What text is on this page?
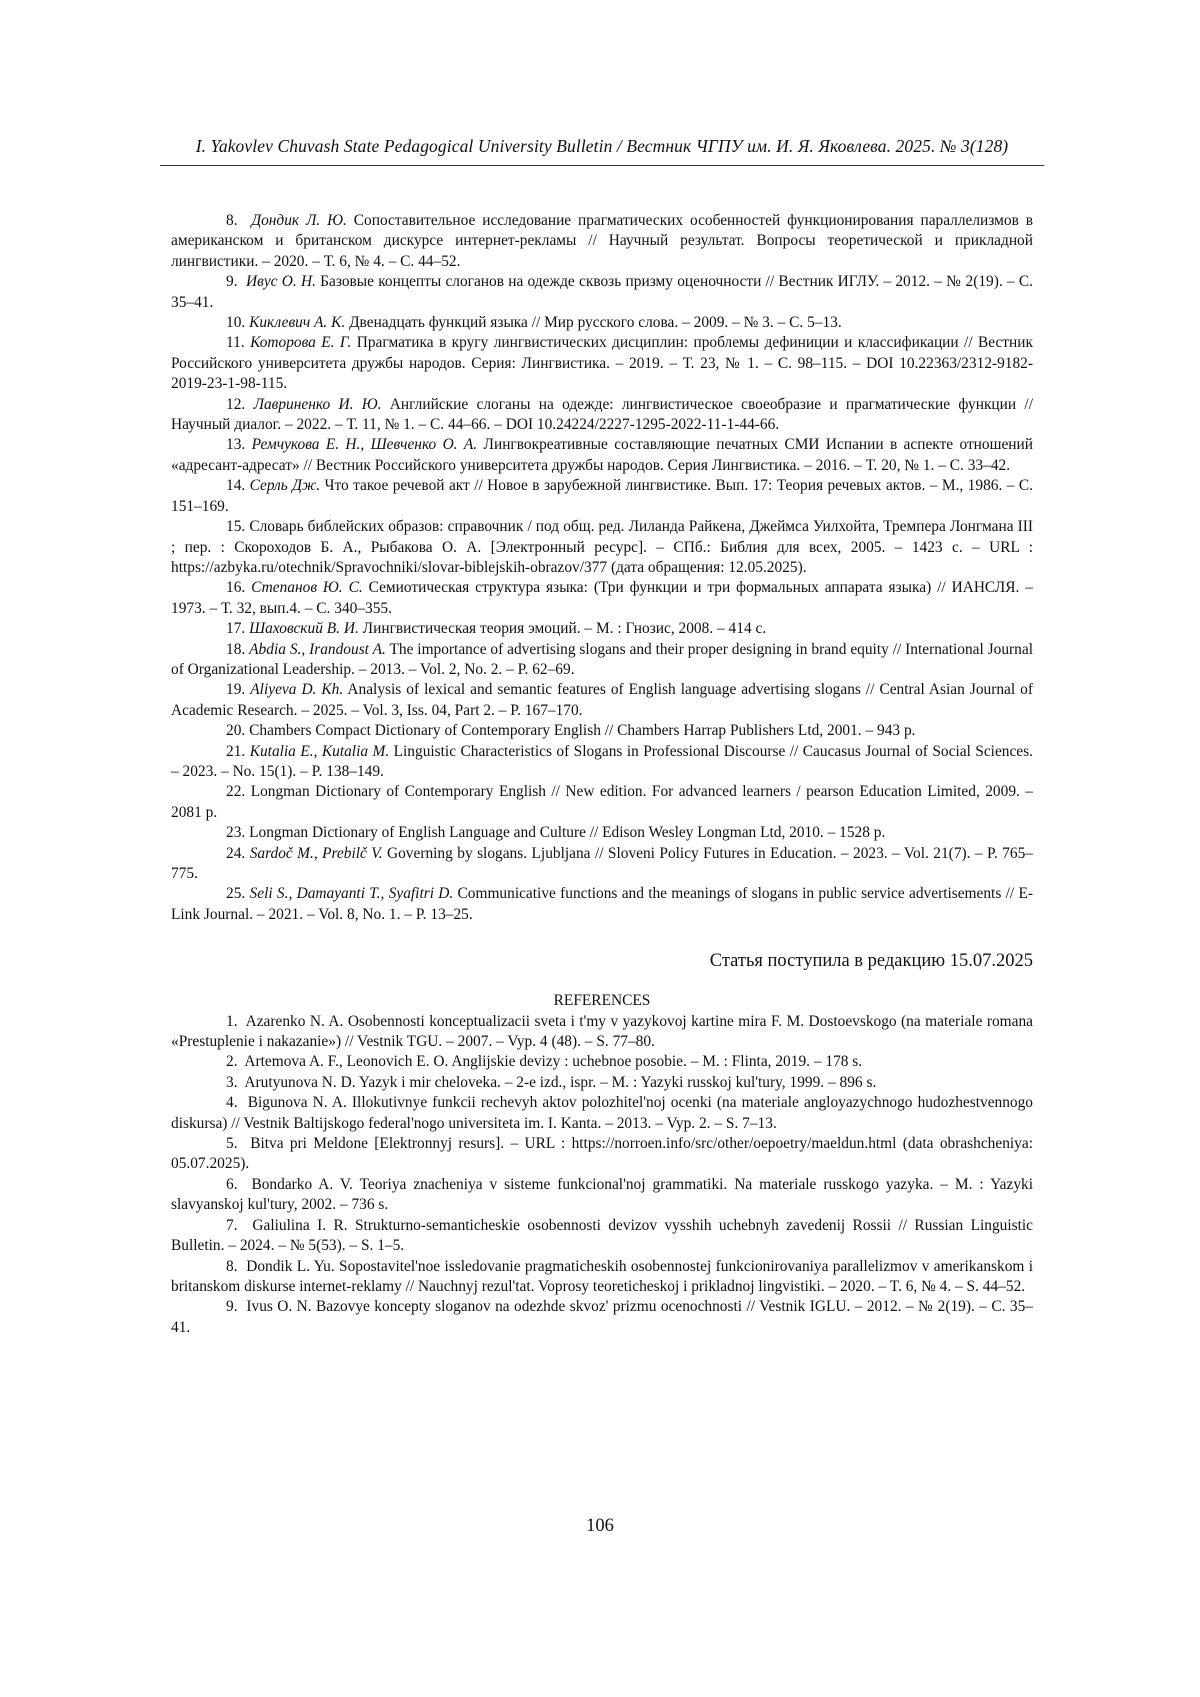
I. Yakovlev Chuvash State Pedagogical University Bulletin / Вестник ЧГПУ им. И. Я. Яковлева. 2025. № 3(128)

8. Дондик Л. Ю. Сопоставительное исследование прагматических особенностей функционирования параллелизмов в американском и британском дискурсе интернет-рекламы // Научный результат. Вопросы теоретической и прикладной лингвистики. – 2020. – Т. 6, № 4. – С. 44–52.

9. Ивус О. Н. Базовые концепты слоганов на одежде сквозь призму оценочности // Вестник ИГЛУ. – 2012. – № 2(19). – С. 35–41.

10. Киклевич А. К. Двенадцать функций языка // Мир русского слова. – 2009. – № 3. – С. 5–13.

11. Которова Е. Г. Прагматика в кругу лингвистических дисциплин: проблемы дефиниции и классификации // Вестник Российского университета дружбы народов. Серия: Лингвистика. – 2019. – Т. 23, № 1. – С. 98–115. – DOI 10.22363/2312-9182-2019-23-1-98-115.

12. Лавриненко И. Ю. Английские слоганы на одежде: лингвистическое своеобразие и прагматические функции // Научный диалог. – 2022. – Т. 11, № 1. – С. 44–66. – DOI 10.24224/2227-1295-2022-11-1-44-66.

13. Ремчукова Е. Н., Шевченко О. А. Лингвокреативные составляющие печатных СМИ Испании в аспекте отношений «адресант-адресат» // Вестник Российского университета дружбы народов. Серия Лингвистика. – 2016. – Т. 20, № 1. – С. 33–42.

14. Серль Дж. Что такое речевой акт // Новое в зарубежной лингвистике. Вып. 17: Теория речевых актов. – М., 1986. – С. 151–169.

15. Словарь библейских образов: справочник / под общ. ред. Лиланда Райкена, Джеймса Уилхойта, Тремпера Лонгмана III ; пер. : Скороходов Б. А., Рыбакова О. А. [Электронный ресурс]. – СПб.: Библия для всех, 2005. – 1423 с. – URL : https://azbyka.ru/otechnik/Spravochniki/slovar-biblejskih-obrazov/377 (дата обращения: 12.05.2025).

16. Степанов Ю. С. Семиотическая структура языка: (Три функции и три формальных аппарата языка) // ИАНСЛЯ. – 1973. – Т. 32, вып.4. – С. 340–355.

17. Шаховский В. И. Лингвистическая теория эмоций. – М. : Гнозис, 2008. – 414 с.

18. Abdia S., Irandoust A. The importance of advertising slogans and their proper designing in brand equity // International Journal of Organizational Leadership. – 2013. – Vol. 2, No. 2. – P. 62–69.

19. Aliyeva D. Kh. Analysis of lexical and semantic features of English language advertising slogans // Central Asian Journal of Academic Research. – 2025. – Vol. 3, Iss. 04, Part 2. – P. 167–170.

20. Chambers Compact Dictionary of Contemporary English // Chambers Harrap Publishers Ltd, 2001. – 943 p.

21. Kutalia E., Kutalia M. Linguistic Characteristics of Slogans in Professional Discourse // Caucasus Journal of Social Sciences. – 2023. – No. 15(1). – P. 138–149.

22. Longman Dictionary of Contemporary English // New edition. For advanced learners / pearson Education Limited, 2009. – 2081 p.

23. Longman Dictionary of English Language and Culture // Edison Wesley Longman Ltd, 2010. – 1528 p.

24. Sardoč M., Prebilč V. Governing by slogans. Ljubljana // Sloveni Policy Futures in Education. – 2023. – Vol. 21(7). – P. 765–775.

25. Seli S., Damayanti T., Syafitri D. Communicative functions and the meanings of slogans in public service advertisements // E-Link Journal. – 2021. – Vol. 8, No. 1. – P. 13–25.

Статья поступила в редакцию 15.07.2025

REFERENCES

1. Azarenko N. A. Osobennosti konceptualizacii sveta i t'my v yazykovoj kartine mira F. M. Dostoevskogo (na materiale romana «Prestuplenie i nakazanie») // Vestnik TGU. – 2007. – Vyp. 4 (48). – S. 77–80.

2. Artemova A. F., Leonovich E. O. Anglijskie devizy : uchebnoe posobie. – M. : Flinta, 2019. – 178 s.

3. Arutyunova N. D. Yazyk i mir cheloveka. – 2-e izd., ispr. – M. : Yazyki russkoj kul'tury, 1999. – 896 s.

4. Bigunova N. A. Illokutivnye funkcii rechevyh aktov polozhitel'noj ocenki (na materiale angloyazychnogo hudozhestvennogo diskursa) // Vestnik Baltijskogo federal'nogo universiteta im. I. Kanta. – 2013. – Vyp. 2. – S. 7–13.

5. Bitva pri Meldone [Elektronnyj resurs]. – URL : https://norroen.info/src/other/oepoetry/maeldun.html (data obrashcheniya: 05.07.2025).

6. Bondarko A. V. Teoriya znacheniya v sisteme funkcional'noj grammatiki. Na materiale russkogo yazyka. – M. : Yazyki slavyanskoj kul'tury, 2002. – 736 s.

7. Galiulina I. R. Strukturno-semanticheskie osobennosti devizov vysshih uchebnyh zavedenij Rossii // Russian Linguistic Bulletin. – 2024. – № 5(53). – S. 1–5.

8. Dondik L. Yu. Sopostavitel'noe issledovanie pragmaticheskih osobennostej funkcionirovaniya parallelizmov v amerikanskom i britanskom diskurse internet-reklamy // Nauchnyj rezul'tat. Voprosy teoreticheskoj i prikladnoj lingvistiki. – 2020. – T. 6, № 4. – S. 44–52.

9. Ivus O. N. Bazovye koncepty sloganov na odezhde skvoz' prizmu ocenochnosti // Vestnik IGLU. – 2012. – № 2(19). – C. 35–41.

106
